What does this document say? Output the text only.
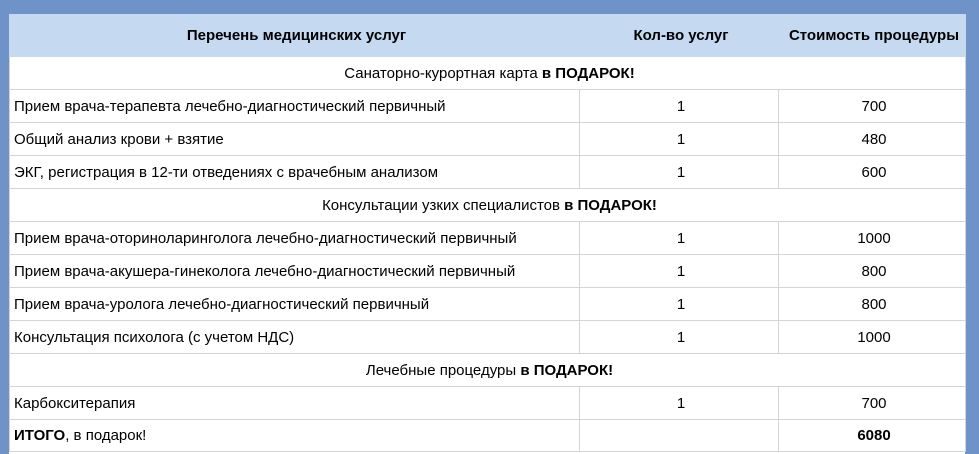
Перечень медицинских услуг	Кол-во услуг	Стоимость процедуры
Санаторно-курортная карта в ПОДАРОК!		
Прием врача-терапевта лечебно-диагностический первичный	1	700
Общий анализ крови + взятие	1	480
ЭКГ, регистрация в 12-ти отведениях с врачебным анализом	1	600
Консультации узких специалистов в ПОДАРОК!		
Прием врача-оториноларинголога лечебно-диагностический первичный	1	1000
Прием врача-акушера-гинеколога лечебно-диагностический первичный	1	800
Прием врача-уролога лечебно-диагностический первичный	1	800
Консультация психолога (с учетом НДС)	1	1000
Лечебные процедуры в ПОДАРОК!		
Карбокситерапия	1	700
ИТОГО, в подарок!		6080
